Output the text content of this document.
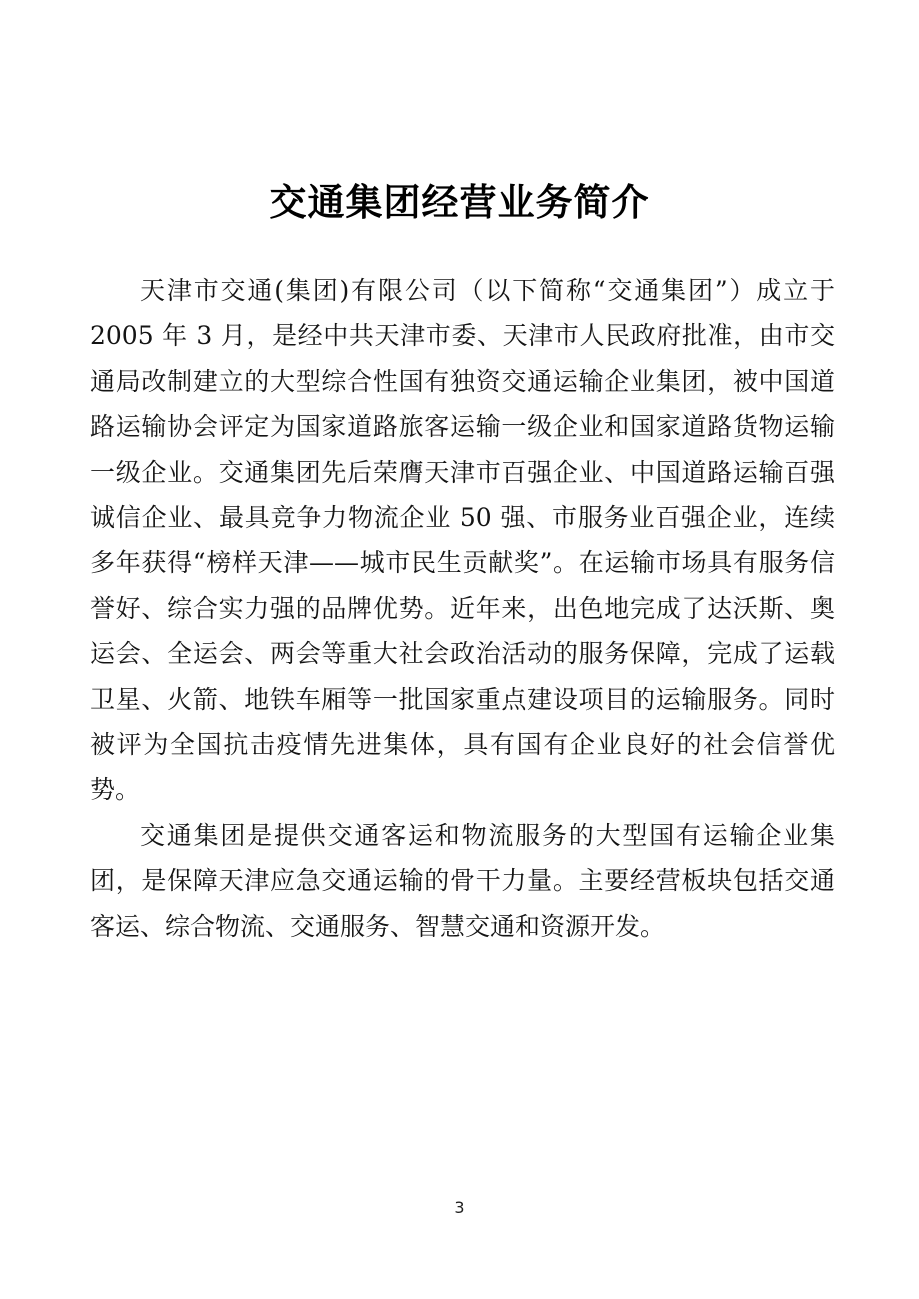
交通集团经营业务简介

天津市交通(集团)有限公司（以下简称“交通集团”）成立于 2005 年 3 月，是经中共天津市委、天津市人民政府批准，由市交通局改制建立的大型综合性国有独资交通运输企业集团，被中国道路运输协会评定为国家道路旅客运输一级企业和国家道路货物运输一级企业。交通集团先后荣膺天津市百强企业、中国道路运输百强诚信企业、最具竞争力物流企业 50 强、市服务业百强企业，连续多年获得“榜样天津——城市民生贡献奖”。在运输市场具有服务信誉好、综合实力强的品牌优势。近年来，出色地完成了达沃斯、奥运会、全运会、两会等重大社会政治活动的服务保障，完成了运载卫星、火箭、地铁车厢等一批国家重点建设项目的运输服务。同时被评为全国抗击疫情先进集体，具有国有企业良好的社会信誉优势。

交通集团是提供交通客运和物流服务的大型国有运输企业集团，是保障天津应急交通运输的骨干力量。主要经营板块包括交通客运、综合物流、交通服务、智慧交通和资源开发。

3
